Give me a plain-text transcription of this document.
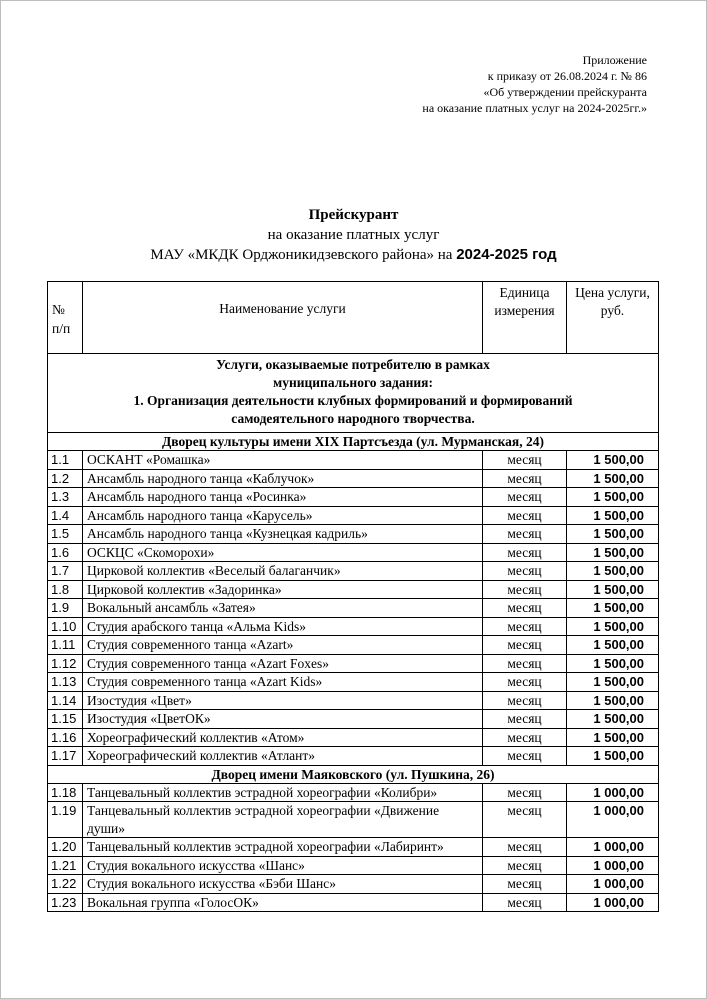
Приложение
к приказу от 26.08.2024 г. № 86
«Об утверждении прейскуранта
на оказание платных услуг на 2024-2025гг.»
Прейскурант
на оказание платных услуг
МАУ «МКДК Орджоникидзевского района» на 2024-2025 год
№ п/п	Наименование услуги	Единица измерения	Цена услуги, руб.

Услуги, оказываемые потребителю в рамках
муниципального задания:
1. Организация деятельности клубных формирований и формирований
самодеятельного народного творчества.			

Дворец культуры имени XIX Партсъезда (ул. Мурманская, 24)			
1.1	ОСКАНТ «Ромашка»	месяц	1 500,00
1.2	Ансамбль народного танца «Каблучок»	месяц	1 500,00
1.3	Ансамбль народного танца «Росинка»	месяц	1 500,00
1.4	Ансамбль народного танца «Карусель»	месяц	1 500,00
1.5	Ансамбль народного танца «Кузнецкая кадриль»	месяц	1 500,00
1.6	ОСКЦС «Скоморохи»	месяц	1 500,00
1.7	Цирковой коллектив «Веселый балаганчик»	месяц	1 500,00
1.8	Цирковой коллектив «Задоринка»	месяц	1 500,00
1.9	Вокальный ансамбль «Затея»	месяц	1 500,00
1.10	Студия арабского танца «Альма Kids»	месяц	1 500,00
1.11	Студия современного танца «Azart»	месяц	1 500,00
1.12	Студия современного танца «Azart Foxes»	месяц	1 500,00
1.13	Студия современного танца «Azart Kids»	месяц	1 500,00
1.14	Изостудия «Цвет»	месяц	1 500,00
1.15	Изостудия «ЦветОК»	месяц	1 500,00
1.16	Хореографический коллектив «Атом»	месяц	1 500,00
1.17	Хореографический коллектив «Атлант»	месяц	1 500,00
Дворец имени Маяковского (ул. Пушкина, 26)			
1.18	Танцевальный коллектив эстрадной хореографии «Колибри»	месяц	1 000,00
1.19	Танцевальный коллектив эстрадной хореографии «Движение души»	месяц	1 000,00
1.20	Танцевальный коллектив эстрадной хореографии «Лабиринт»	месяц	1 000,00
1.21	Студия вокального искусства «Шанс»	месяц	1 000,00
1.22	Студия вокального искусства «Бэби Шанс»	месяц	1 000,00
1.23	Вокальная группа «ГолосОК»	месяц	1 000,00
